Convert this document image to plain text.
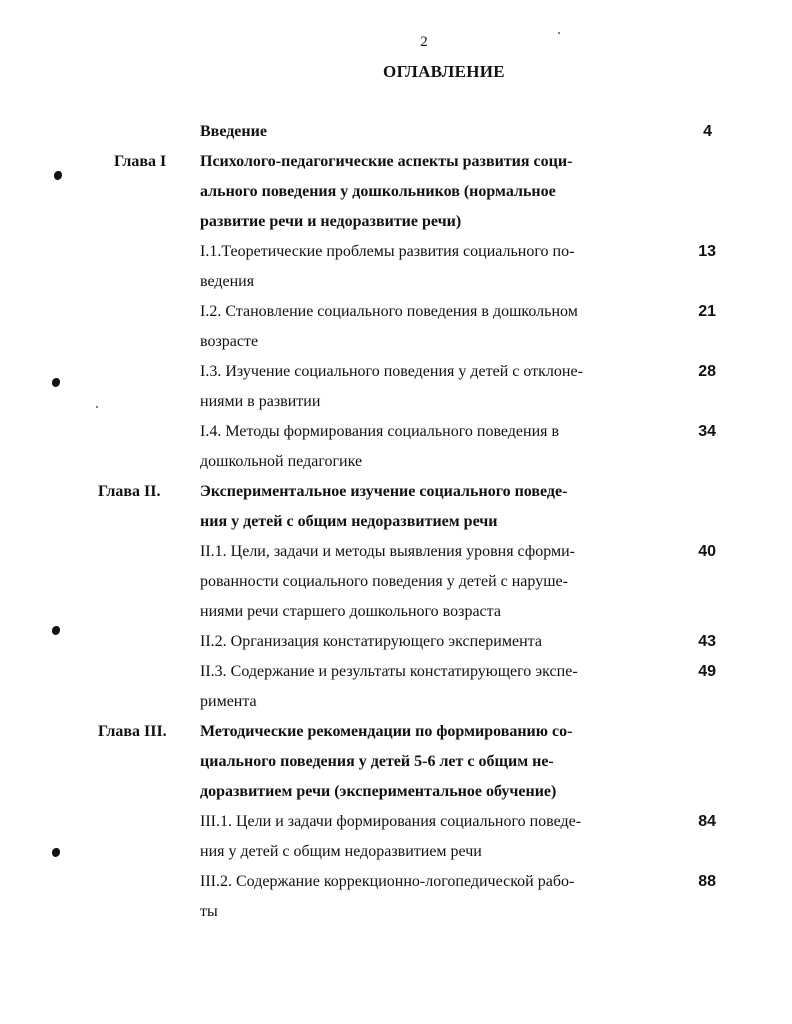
2
ОГЛАВЛЕНИЕ
Введение	4
Глава I Психолого-педагогические аспекты развития соци-
ального поведения у дошкольников (нормальное
развитие речи и недоразвитие речи)
I.1.Теоретические проблемы развития социального по-
ведения
13
I.2. Становление социального поведения в дошкольном
возрасте
21
I.3. Изучение социального поведения у детей с отклоне-
ниями в развитии
28
I.4. Методы формирования социального поведения в
дошкольной педагогике
34
Глава II. Экспериментальное изучение социального поведе-
ния у детей с общим недоразвитием речи
II.1. Цели, задачи и методы выявления уровня сформи-
рованности социального поведения у детей с наруше-
ниями речи старшего дошкольного возраста
40
II.2. Организация констатирующего эксперимента	43
II.3. Содержание и результаты констатирующего экспе-
римента
49
Глава III. Методические рекомендации по формированию со-
циального поведения у детей 5-6 лет с общим не-
доразвитием речи (экспериментальное обучение)
III.1. Цели и задачи формирования социального поведе-
ния у детей с общим недоразвитием речи
84
III.2. Содержание коррекционно-логопедической рабо-
ты
88
